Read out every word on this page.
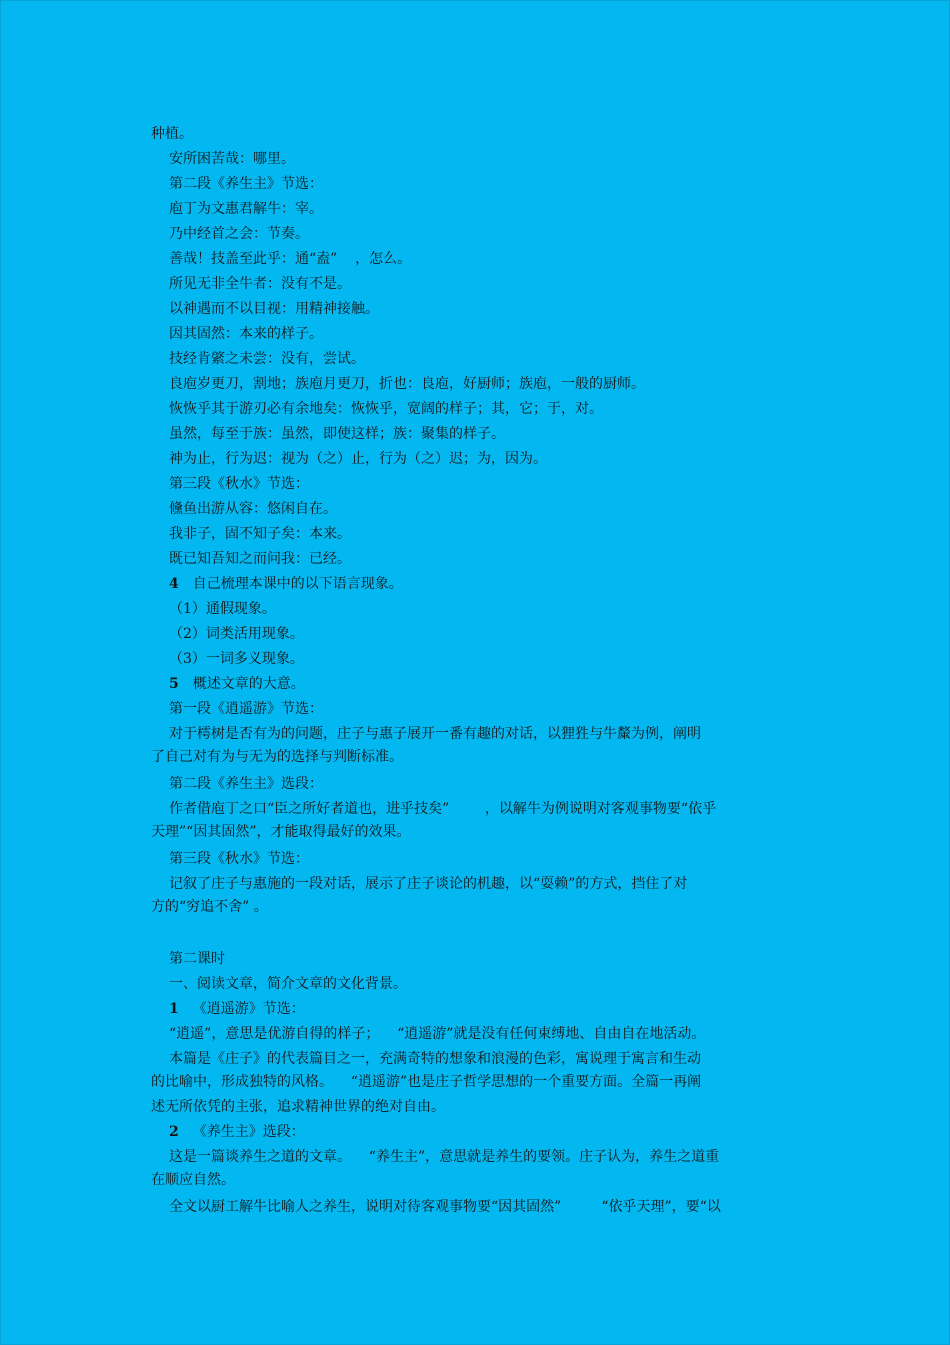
种植。
安所困苦哉：哪里。
第二段《养生主》节选：
庖丁为文惠君解牛：宰。
乃中经首之会：节奏。
善哉！技盖至此乎：通“盍”    ，怎么。
所见无非全牛者：没有不是。
以神遇而不以目视：用精神接触。
因其固然：本来的样子。
技经肯綮之未尝：没有，尝试。
良庖岁更刀，割地；族庖月更刀，折也：良庖，好厨师；族庖，一般的厨师。
恢恢乎其于游刃必有余地矣：恢恢乎，宽阔的样子；其，它；于，对。
虽然，每至于族：虽然，即使这样；族：聚集的样子。
神为止，行为迟：视为（之）止，行为（之）迟；为，因为。
第三段《秋水》节选：
儵鱼出游从容：悠闲自在。
我非子，固不知子矣：本来。
既已知吾知之而问我：已经。
4 自己梳理本课中的以下语言现象。
（1）通假现象。
（2）词类活用现象。
（3）一词多义现象。
5 概述文章的大意。
第一段《逍遥游》节选：
对于樗树是否有为的问题，庄子与惠子展开一番有趣的对话，以狸狌与牛斄为例，阐明
了自己对有为与无为的选择与判断标准。
第二段《养生主》选段：
作者借庖丁之口“臣之所好者道也，进乎技矣”        ，以解牛为例说明对客观事物要“依乎
天理”“因其固然”，才能取得最好的效果。
第三段《秋水》节选：
记叙了庄子与惠施的一段对话，展示了庄子谈论的机趣，以“耍赖”的方式，挡住了对
方的“穷追不舍” 。
第二课时
一、阅读文章，简介文章的文化背景。
1 《逍遥游》节选：
“逍遥”，意思是优游自得的样子；    “逍遥游”就是没有任何束缚地、自由自在地活动。
本篇是《庄子》的代表篇目之一，充满奇特的想象和浪漫的色彩，寓说理于寓言和生动
的比喻中，形成独特的风格。    “逍遥游”也是庄子哲学思想的一个重要方面。全篇一再阐
述无所依凭的主张，追求精神世界的绝对自由。
2 《养生主》选段：
这是一篇谈养生之道的文章。    “养生主”，意思就是养生的要领。庄子认为，养生之道重
在顺应自然。
全文以厨工解牛比喻人之养生，说明对待客观事物要“因其固然”         “依乎天理”，要“以
